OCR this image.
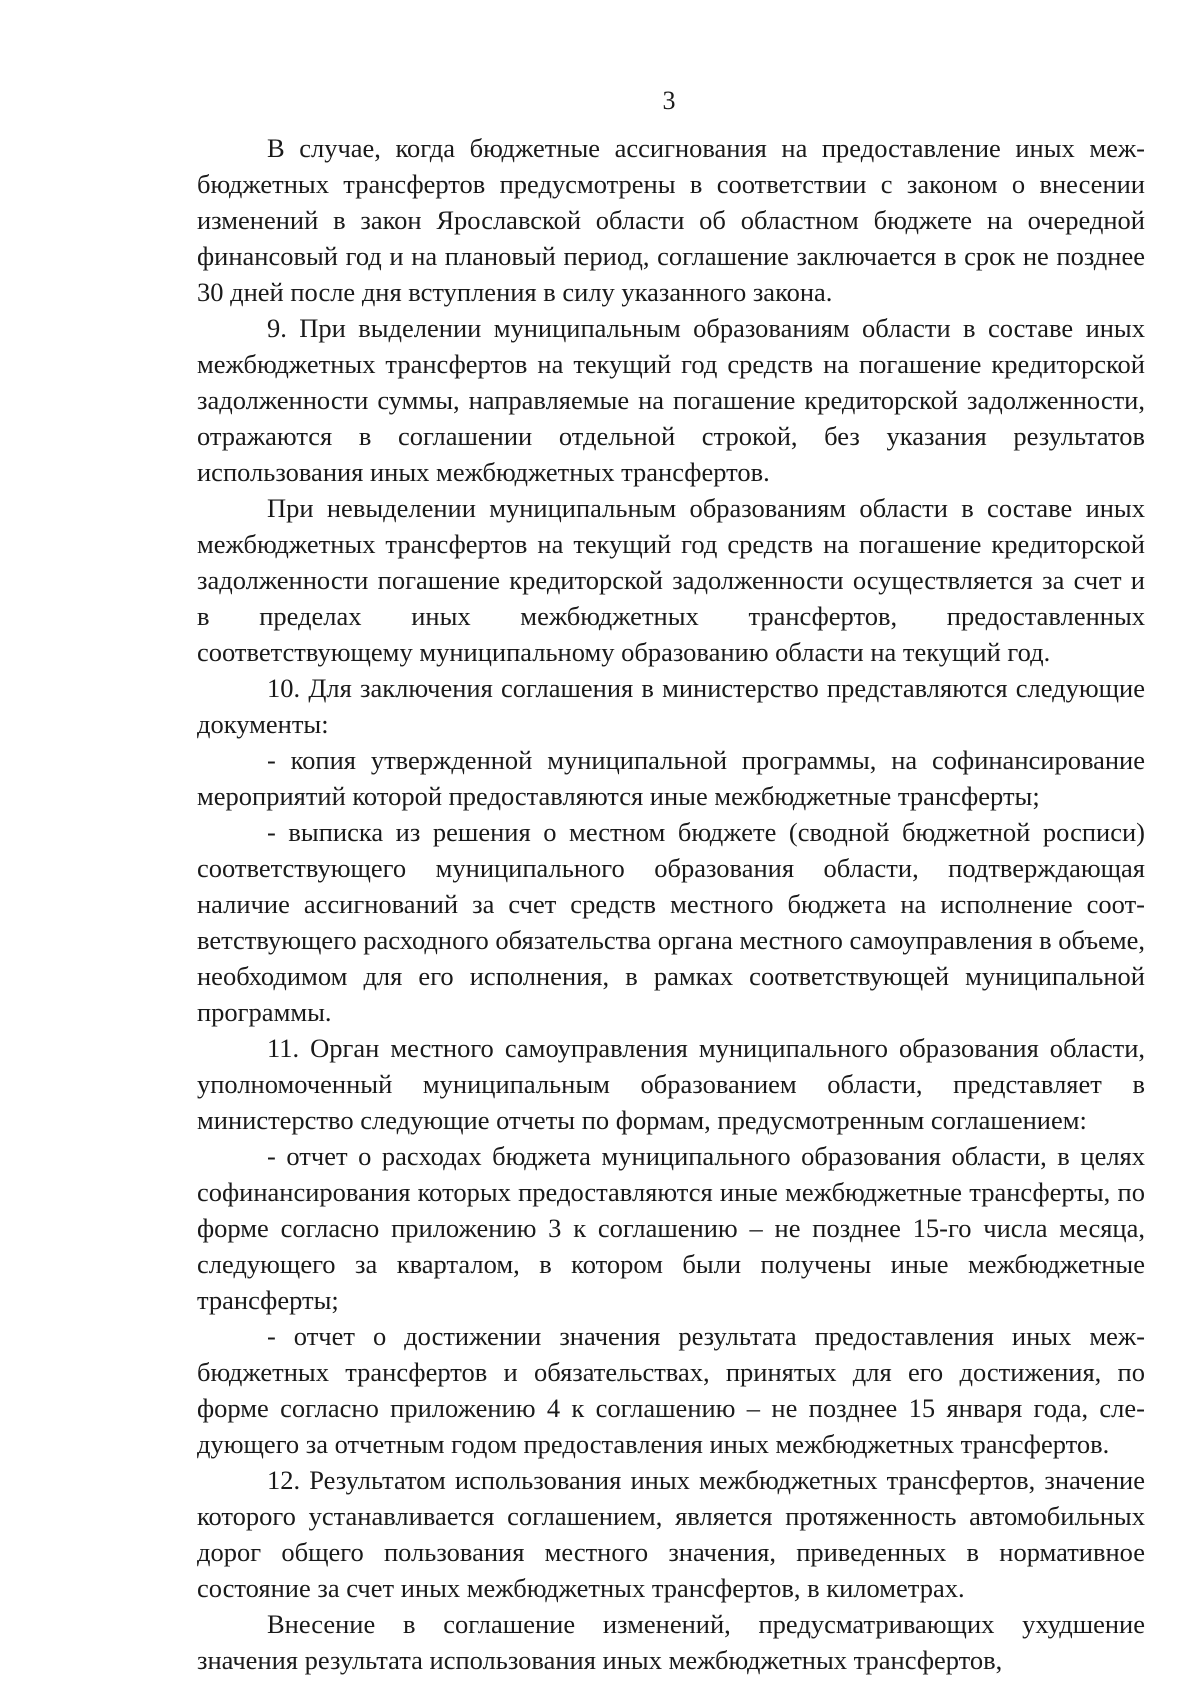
3

В случае, когда бюджетные ассигнования на предоставление иных межбюджетных трансфертов предусмотрены в соответствии с законом о внесении изменений в закон Ярославской области об областном бюджете на очередной финансовый год и на плановый период, соглашение заключается в срок не позднее 30 дней после дня вступления в силу указанного закона.

9. При выделении муниципальным образованиям области в составе иных межбюджетных трансфертов на текущий год средств на погашение кредиторской задолженности суммы, направляемые на погашение кредиторской задолженности, отражаются в соглашении отдельной строкой, без указания результатов использования иных межбюджетных трансфертов.

При невыделении муниципальным образованиям области в составе иных межбюджетных трансфертов на текущий год средств на погашение кредиторской задолженности погашение кредиторской задолженности осуществляется за счет и в пределах иных межбюджетных трансфертов, предоставленных соответствующему муниципальному образованию области на текущий год.

10. Для заключения соглашения в министерство представляются следующие документы:

- копия утвержденной муниципальной программы, на софинансирование мероприятий которой предоставляются иные межбюджетные трансферты;

- выписка из решения о местном бюджете (сводной бюджетной росписи) соответствующего муниципального образования области, подтверждающая наличие ассигнований за счет средств местного бюджета на исполнение соответствующего расходного обязательства органа местного самоуправления в объеме, необходимом для его исполнения, в рамках соответствующей муниципальной программы.

11. Орган местного самоуправления муниципального образования области, уполномоченный муниципальным образованием области, представляет в министерство следующие отчеты по формам, предусмотренным соглашением:

- отчет о расходах бюджета муниципального образования области, в целях софинансирования которых предоставляются иные межбюджетные трансферты, по форме согласно приложению 3 к соглашению – не позднее 15-го числа месяца, следующего за кварталом, в котором были получены иные межбюджетные трансферты;

- отчет о достижении значения результата предоставления иных межбюджетных трансфертов и обязательствах, принятых для его достижения, по форме согласно приложению 4 к соглашению – не позднее 15 января года, следующего за отчетным годом предоставления иных межбюджетных трансфертов.

12. Результатом использования иных межбюджетных трансфертов, значение которого устанавливается соглашением, является протяженность автомобильных дорог общего пользования местного значения, приведенных в нормативное состояние за счет иных межбюджетных трансфертов, в километрах.

Внесение в соглашение изменений, предусматривающих ухудшение значения результата использования иных межбюджетных трансфертов,
